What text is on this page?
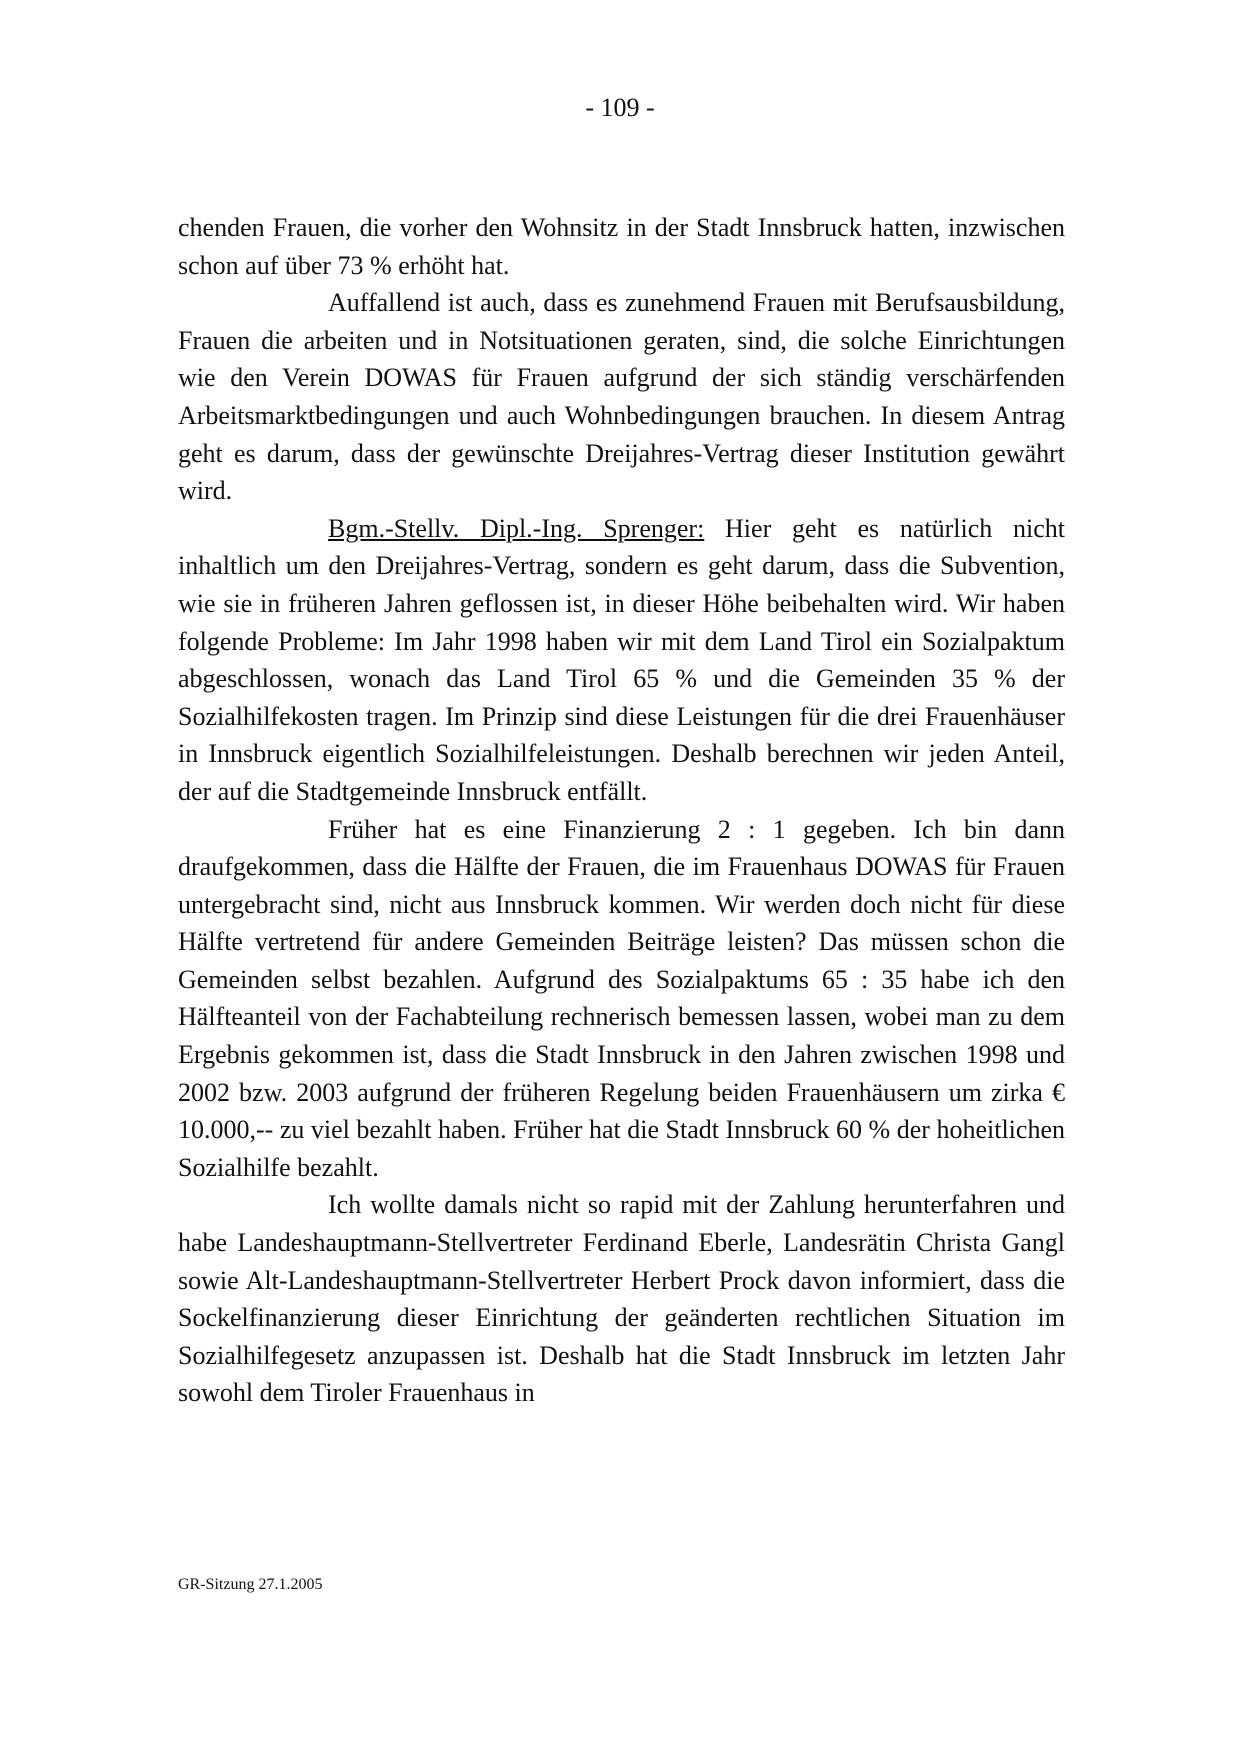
- 109 -

chenden Frauen, die vorher den Wohnsitz in der Stadt Innsbruck hatten, inzwischen schon auf über 73 % erhöht hat.

Auffallend ist auch, dass es zunehmend Frauen mit Berufsausbildung, Frauen die arbeiten und in Notsituationen geraten, sind, die solche Einrichtungen wie den Verein DOWAS für Frauen aufgrund der sich ständig verschärfenden Arbeitsmarktbedingungen und auch Wohnbedingungen brauchen. In diesem Antrag geht es darum, dass der gewünschte Dreijahres-Vertrag dieser Institution gewährt wird.

Bgm.-Stellv. Dipl.-Ing. Sprenger: Hier geht es natürlich nicht inhaltlich um den Dreijahres-Vertrag, sondern es geht darum, dass die Subvention, wie sie in früheren Jahren geflossen ist, in dieser Höhe beibehalten wird. Wir haben folgende Probleme: Im Jahr 1998 haben wir mit dem Land Tirol ein Sozialpaktum abgeschlossen, wonach das Land Tirol 65 % und die Gemeinden 35 % der Sozialhilfekosten tragen. Im Prinzip sind diese Leistungen für die drei Frauenhäuser in Innsbruck eigentlich Sozialhilfeleistungen. Deshalb berechnen wir jeden Anteil, der auf die Stadtgemeinde Innsbruck entfällt.

Früher hat es eine Finanzierung 2 : 1 gegeben. Ich bin dann draufgekommen, dass die Hälfte der Frauen, die im Frauenhaus DOWAS für Frauen untergebracht sind, nicht aus Innsbruck kommen. Wir werden doch nicht für diese Hälfte vertretend für andere Gemeinden Beiträge leisten? Das müssen schon die Gemeinden selbst bezahlen. Aufgrund des Sozialpaktums 65 : 35 habe ich den Hälfteanteil von der Fachabteilung rechnerisch bemessen lassen, wobei man zu dem Ergebnis gekommen ist, dass die Stadt Innsbruck in den Jahren zwischen 1998 und 2002 bzw. 2003 aufgrund der früheren Regelung beiden Frauenhäusern um zirka € 10.000,-- zu viel bezahlt haben. Früher hat die Stadt Innsbruck 60 % der hoheitlichen Sozialhilfe bezahlt.

Ich wollte damals nicht so rapid mit der Zahlung herunterfahren und habe Landeshauptmann-Stellvertreter Ferdinand Eberle, Landesrätin Christa Gangl sowie Alt-Landeshauptmann-Stellvertreter Herbert Prock davon informiert, dass die Sockelfinanzierung dieser Einrichtung der geänderten rechtlichen Situation im Sozialhilfegesetz anzupassen ist. Deshalb hat die Stadt Innsbruck im letzten Jahr sowohl dem Tiroler Frauenhaus in

GR-Sitzung 27.1.2005
